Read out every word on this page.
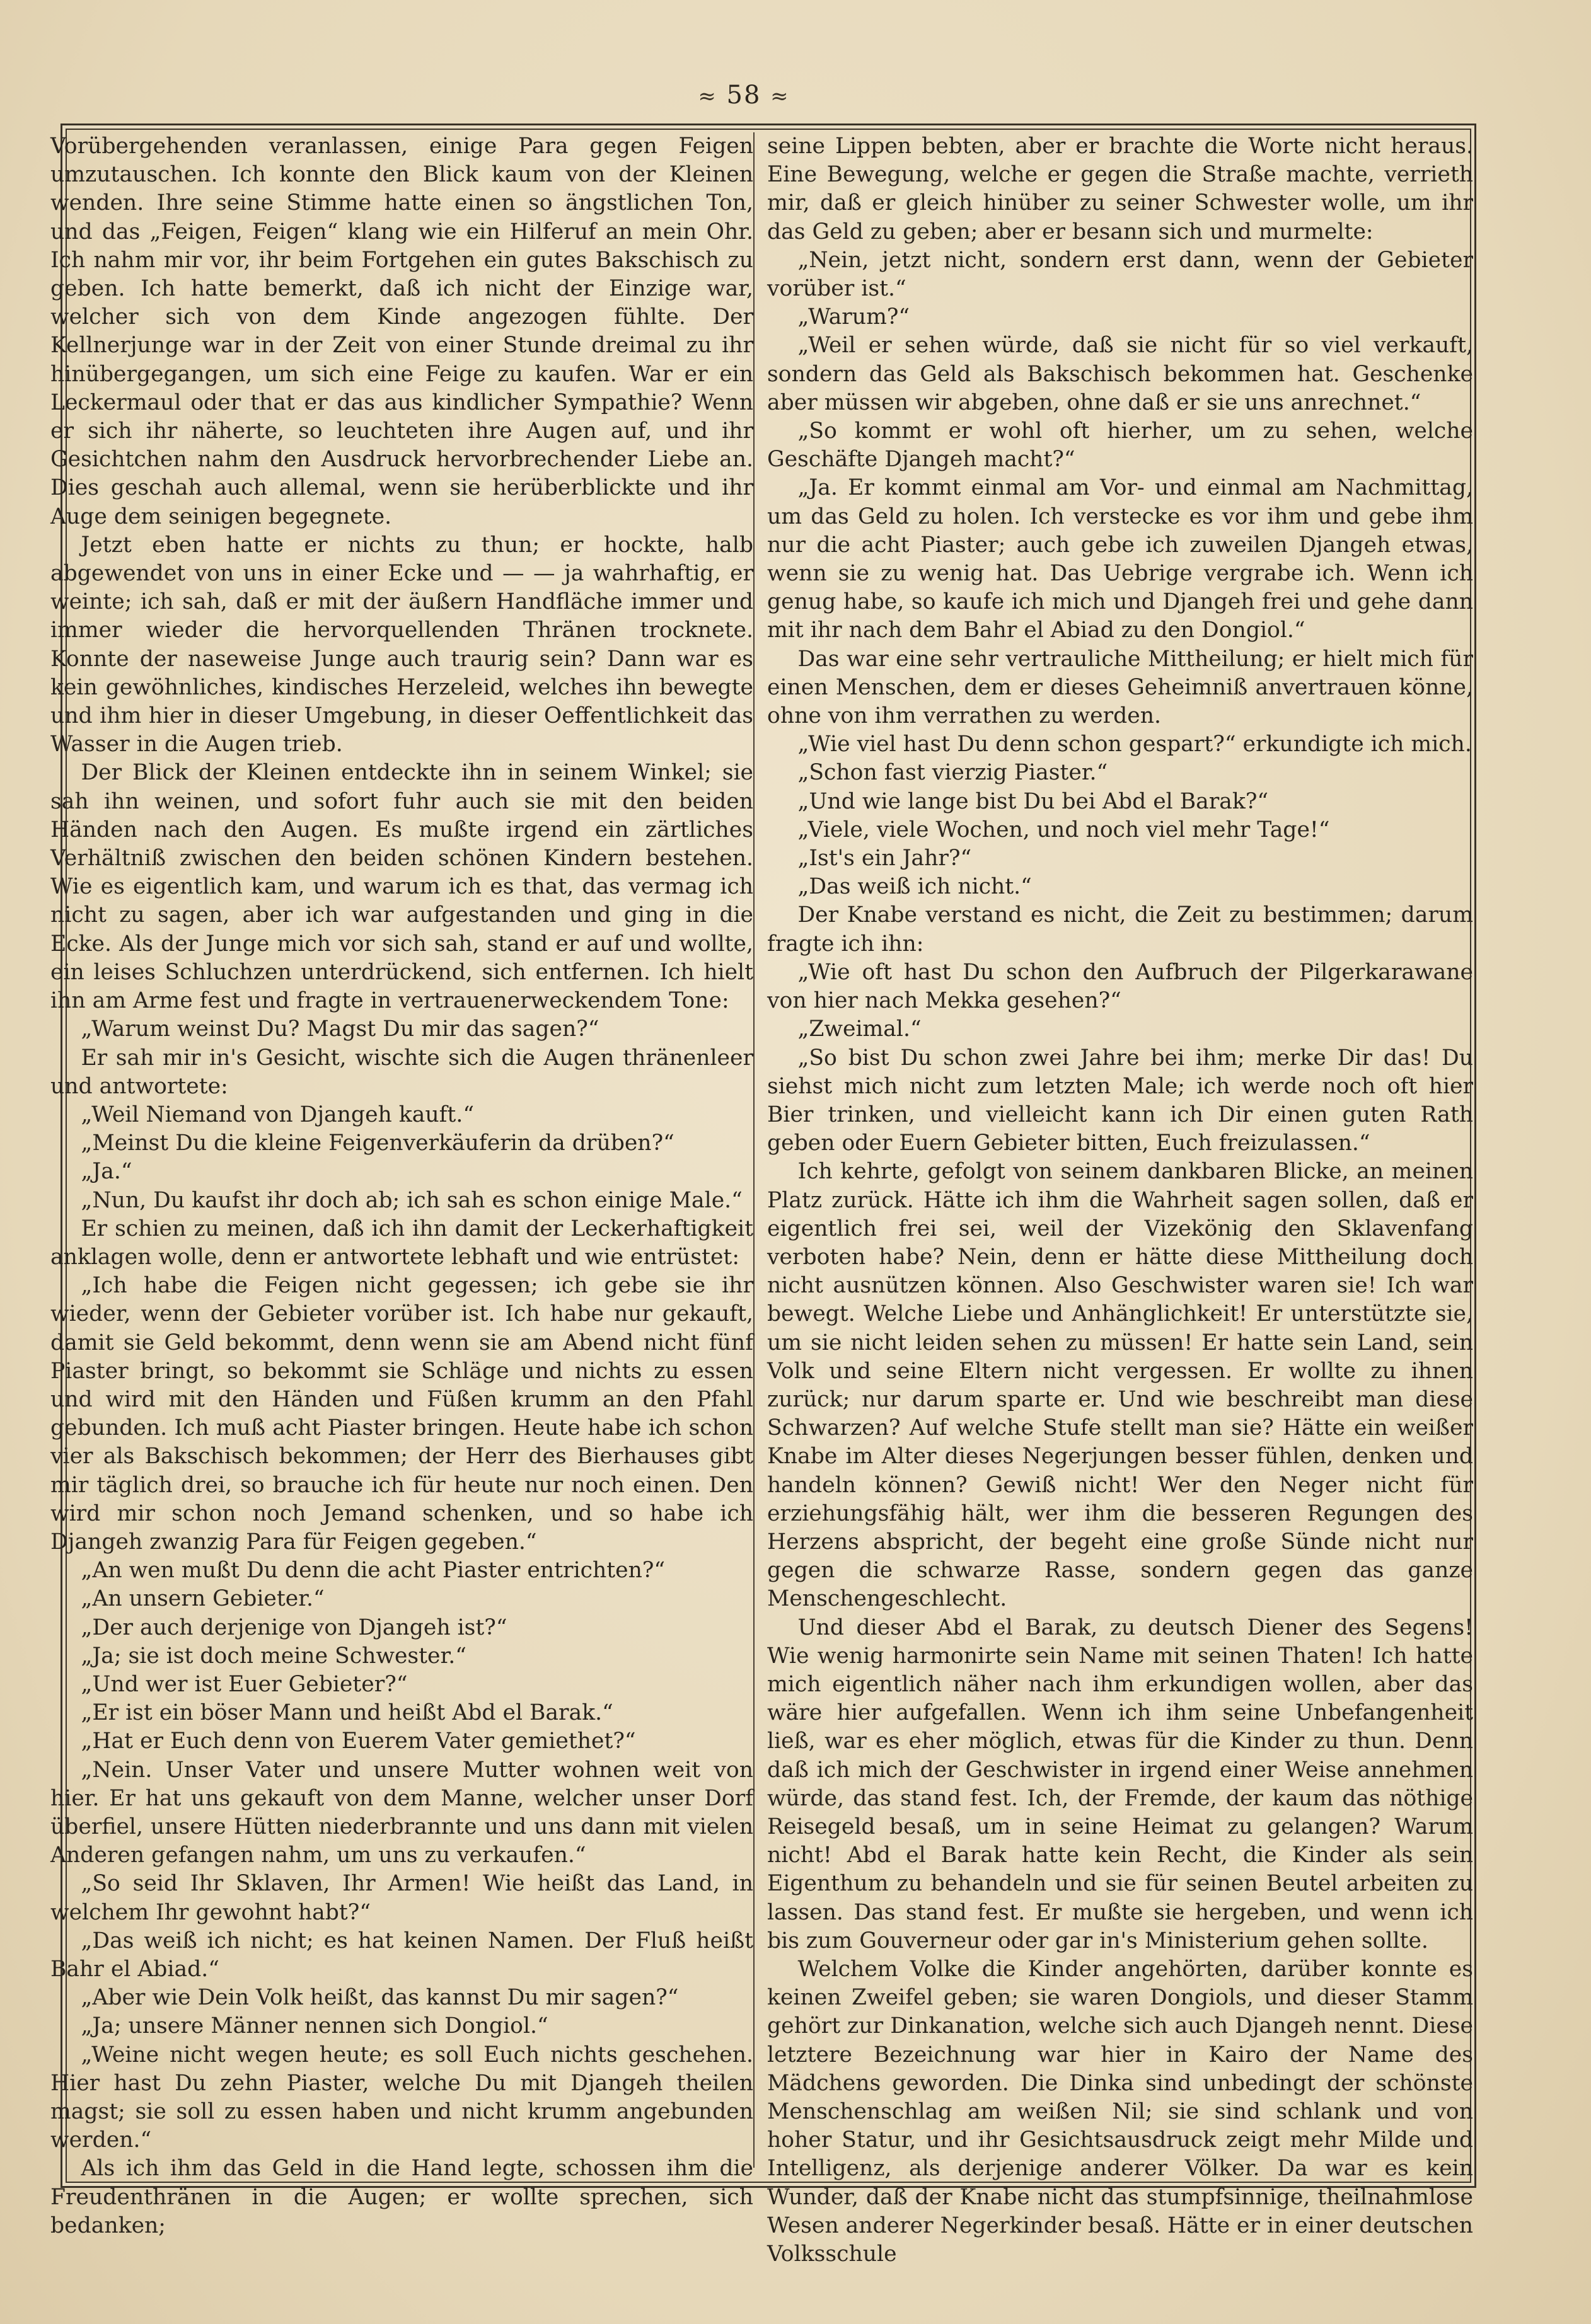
≈ 58 ≈

Vorübergehenden veranlassen, einige Para gegen Feigen umzutauschen. Ich konnte den Blick kaum von der Kleinen wenden. Ihre seine Stimme hatte einen so ängstlichen Ton, und das „Feigen, Feigen“ klang wie ein Hilferuf an mein Ohr. Ich nahm mir vor, ihr beim Fortgehen ein gutes Bakschisch zu geben. Ich hatte bemerkt, daß ich nicht der Einzige war, welcher sich von dem Kinde angezogen fühlte. Der Kellnerjunge war in der Zeit von einer Stunde dreimal zu ihr hinübergegangen, um sich eine Feige zu kaufen. War er ein Leckermaul oder that er das aus kindlicher Sympathie? Wenn er sich ihr näherte, so leuchteten ihre Augen auf, und ihr Gesichtchen nahm den Ausdruck hervorbrechender Liebe an. Dies geschah auch allemal, wenn sie herüberblickte und ihr Auge dem seinigen begegnete.

Jetzt eben hatte er nichts zu thun; er hockte, halb abgewendet von uns in einer Ecke und — — ja wahrhaftig, er weinte; ich sah, daß er mit der äußern Handfläche immer und immer wieder die hervorquellenden Thränen trocknete. Konnte der naseweise Junge auch traurig sein? Dann war es kein gewöhnliches, kindisches Herzeleid, welches ihn bewegte und ihm hier in dieser Umgebung, in dieser Oeffentlichkeit das Wasser in die Augen trieb.

Der Blick der Kleinen entdeckte ihn in seinem Winkel; sie sah ihn weinen, und sofort fuhr auch sie mit den beiden Händen nach den Augen. Es mußte irgend ein zärtliches Verhältniß zwischen den beiden schönen Kindern bestehen. Wie es eigentlich kam, und warum ich es that, das vermag ich nicht zu sagen, aber ich war aufgestanden und ging in die Ecke. Als der Junge mich vor sich sah, stand er auf und wollte, ein leises Schluchzen unterdrückend, sich entfernen. Ich hielt ihn am Arme fest und fragte in vertrauenerweckendem Tone:

„Warum weinst Du? Magst Du mir das sagen?“

Er sah mir in's Gesicht, wischte sich die Augen thränenleer und antwortete:

„Weil Niemand von Djangeh kauft.“

„Meinst Du die kleine Feigenverkäuferin da drüben?“

„Ja.“

„Nun, Du kaufst ihr doch ab; ich sah es schon einige Male.“

Er schien zu meinen, daß ich ihn damit der Leckerhaftigkeit anklagen wolle, denn er antwortete lebhaft und wie entrüstet:

„Ich habe die Feigen nicht gegessen; ich gebe sie ihr wieder, wenn der Gebieter vorüber ist. Ich habe nur gekauft, damit sie Geld bekommt, denn wenn sie am Abend nicht fünf Piaster bringt, so bekommt sie Schläge und nichts zu essen und wird mit den Händen und Füßen krumm an den Pfahl gebunden. Ich muß acht Piaster bringen. Heute habe ich schon vier als Bakschisch bekommen; der Herr des Bierhauses gibt mir täglich drei, so brauche ich für heute nur noch einen. Den wird mir schon noch Jemand schenken, und so habe ich Djangeh zwanzig Para für Feigen gegeben.“

„An wen mußt Du denn die acht Piaster entrichten?“

„An unsern Gebieter.“

„Der auch derjenige von Djangeh ist?“

„Ja; sie ist doch meine Schwester.“

„Und wer ist Euer Gebieter?“

„Er ist ein böser Mann und heißt Abd el Barak.“

„Hat er Euch denn von Euerem Vater gemiethet?“

„Nein. Unser Vater und unsere Mutter wohnen weit von hier. Er hat uns gekauft von dem Manne, welcher unser Dorf überfiel, unsere Hütten niederbrannte und uns dann mit vielen Anderen gefangen nahm, um uns zu verkaufen.“

„So seid Ihr Sklaven, Ihr Armen! Wie heißt das Land, in welchem Ihr gewohnt habt?“

„Das weiß ich nicht; es hat keinen Namen. Der Fluß heißt Bahr el Abiad.“

„Aber wie Dein Volk heißt, das kannst Du mir sagen?“

„Ja; unsere Männer nennen sich Dongiol.“

„Weine nicht wegen heute; es soll Euch nichts geschehen. Hier hast Du zehn Piaster, welche Du mit Djangeh theilen magst; sie soll zu essen haben und nicht krumm angebunden werden.“

Als ich ihm das Geld in die Hand legte, schossen ihm die Freudenthränen in die Augen; er wollte sprechen, sich bedanken;

seine Lippen bebten, aber er brachte die Worte nicht heraus. Eine Bewegung, welche er gegen die Straße machte, verrieth mir, daß er gleich hinüber zu seiner Schwester wolle, um ihr das Geld zu geben; aber er besann sich und murmelte:

„Nein, jetzt nicht, sondern erst dann, wenn der Gebieter vorüber ist.“

„Warum?“

„Weil er sehen würde, daß sie nicht für so viel verkauft, sondern das Geld als Bakschisch bekommen hat. Geschenke aber müssen wir abgeben, ohne daß er sie uns anrechnet.“

„So kommt er wohl oft hierher, um zu sehen, welche Geschäfte Djangeh macht?“

„Ja. Er kommt einmal am Vor- und einmal am Nachmittag, um das Geld zu holen. Ich verstecke es vor ihm und gebe ihm nur die acht Piaster; auch gebe ich zuweilen Djangeh etwas, wenn sie zu wenig hat. Das Uebrige vergrabe ich. Wenn ich genug habe, so kaufe ich mich und Djangeh frei und gehe dann mit ihr nach dem Bahr el Abiad zu den Dongiol.“

Das war eine sehr vertrauliche Mittheilung; er hielt mich für einen Menschen, dem er dieses Geheimniß anvertrauen könne, ohne von ihm verrathen zu werden.

„Wie viel hast Du denn schon gespart?“ erkundigte ich mich.

„Schon fast vierzig Piaster.“

„Und wie lange bist Du bei Abd el Barak?“

„Viele, viele Wochen, und noch viel mehr Tage!“

„Ist's ein Jahr?“

„Das weiß ich nicht.“

Der Knabe verstand es nicht, die Zeit zu bestimmen; darum fragte ich ihn:

„Wie oft hast Du schon den Aufbruch der Pilgerkarawane von hier nach Mekka gesehen?“

„Zweimal.“

„So bist Du schon zwei Jahre bei ihm; merke Dir das! Du siehst mich nicht zum letzten Male; ich werde noch oft hier Bier trinken, und vielleicht kann ich Dir einen guten Rath geben oder Euern Gebieter bitten, Euch freizulassen.“

Ich kehrte, gefolgt von seinem dankbaren Blicke, an meinen Platz zurück. Hätte ich ihm die Wahrheit sagen sollen, daß er eigentlich frei sei, weil der Vizekönig den Sklavenfang verboten habe? Nein, denn er hätte diese Mittheilung doch nicht ausnützen können. Also Geschwister waren sie! Ich war bewegt. Welche Liebe und Anhänglichkeit! Er unterstützte sie, um sie nicht leiden sehen zu müssen! Er hatte sein Land, sein Volk und seine Eltern nicht vergessen. Er wollte zu ihnen zurück; nur darum sparte er. Und wie beschreibt man diese Schwarzen? Auf welche Stufe stellt man sie? Hätte ein weißer Knabe im Alter dieses Negerjungen besser fühlen, denken und handeln können? Gewiß nicht! Wer den Neger nicht für erziehungsfähig hält, wer ihm die besseren Regungen des Herzens abspricht, der begeht eine große Sünde nicht nur gegen die schwarze Rasse, sondern gegen das ganze Menschengeschlecht.

Und dieser Abd el Barak, zu deutsch Diener des Segens! Wie wenig harmonirte sein Name mit seinen Thaten! Ich hatte mich eigentlich näher nach ihm erkundigen wollen, aber das wäre hier aufgefallen. Wenn ich ihm seine Unbefangenheit ließ, war es eher möglich, etwas für die Kinder zu thun. Denn daß ich mich der Geschwister in irgend einer Weise annehmen würde, das stand fest. Ich, der Fremde, der kaum das nöthige Reisegeld besaß, um in seine Heimat zu gelangen? Warum nicht! Abd el Barak hatte kein Recht, die Kinder als sein Eigenthum zu behandeln und sie für seinen Beutel arbeiten zu lassen. Das stand fest. Er mußte sie hergeben, und wenn ich bis zum Gouverneur oder gar in's Ministerium gehen sollte.

Welchem Volke die Kinder angehörten, darüber konnte es keinen Zweifel geben; sie waren Dongiols, und dieser Stamm gehört zur Dinkanation, welche sich auch Djangeh nennt. Diese letztere Bezeichnung war hier in Kairo der Name des Mädchens geworden. Die Dinka sind unbedingt der schönste Menschenschlag am weißen Nil; sie sind schlank und von hoher Statur, und ihr Gesichtsausdruck zeigt mehr Milde und Intelligenz, als derjenige anderer Völker. Da war es kein Wunder, daß der Knabe nicht das stumpfsinnige, theilnahmlose Wesen anderer Negerkinder besaß. Hätte er in einer deutschen Volksschule
